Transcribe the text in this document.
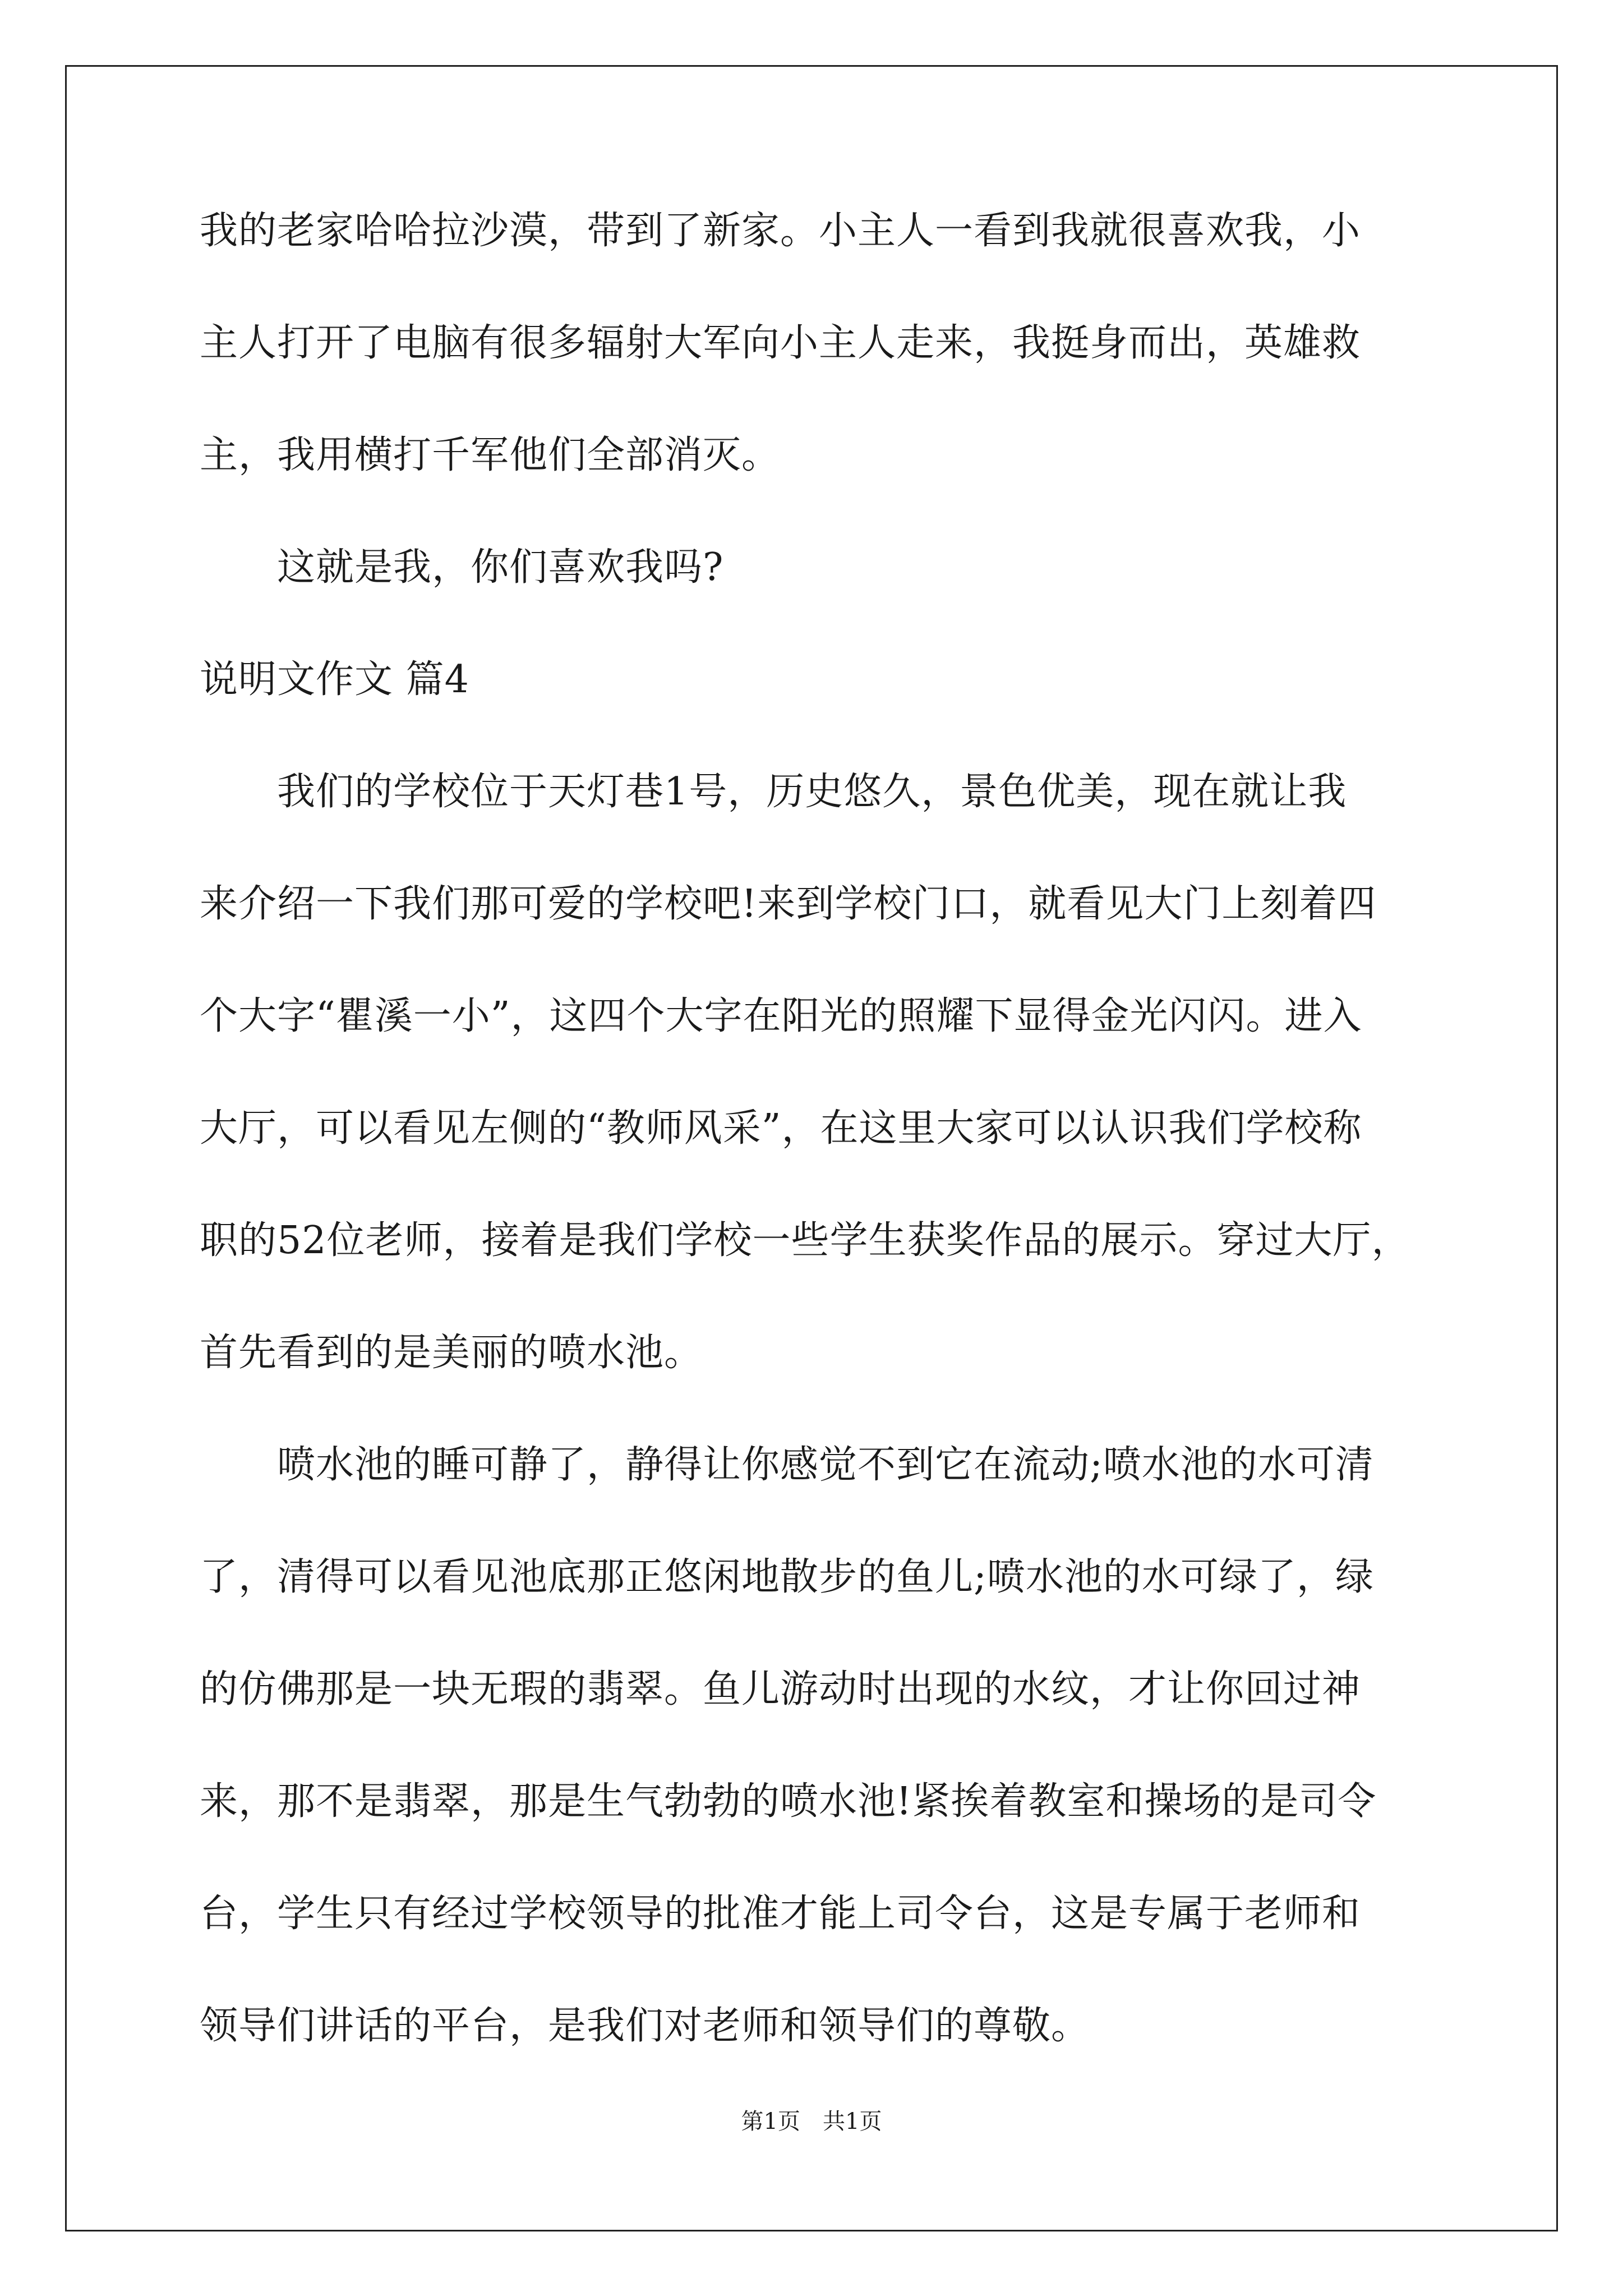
我的老家哈哈拉沙漠，带到了新家。小主人一看到我就很喜欢我，小
主人打开了电脑有很多辐射大军向小主人走来，我挺身而出，英雄救
主，我用横打千军他们全部消灭。
　　这就是我，你们喜欢我吗?
说明文作文 篇4
　　我们的学校位于天灯巷1号，历史悠久，景色优美，现在就让我
来介绍一下我们那可爱的学校吧!来到学校门口，就看见大门上刻着四
个大字“瞿溪一小”，这四个大字在阳光的照耀下显得金光闪闪。进入
大厅，可以看见左侧的“教师风采”，在这里大家可以认识我们学校称
职的52位老师，接着是我们学校一些学生获奖作品的展示。穿过大厅，
首先看到的是美丽的喷水池。
　　喷水池的睡可静了，静得让你感觉不到它在流动;喷水池的水可清
了，清得可以看见池底那正悠闲地散步的鱼儿;喷水池的水可绿了，绿
的仿佛那是一块无瑕的翡翠。鱼儿游动时出现的水纹，才让你回过神
来，那不是翡翠，那是生气勃勃的喷水池!紧挨着教室和操场的是司令
台，学生只有经过学校领导的批准才能上司令台，这是专属于老师和
领导们讲话的平台，是我们对老师和领导们的尊敬。
第1页　共1页
